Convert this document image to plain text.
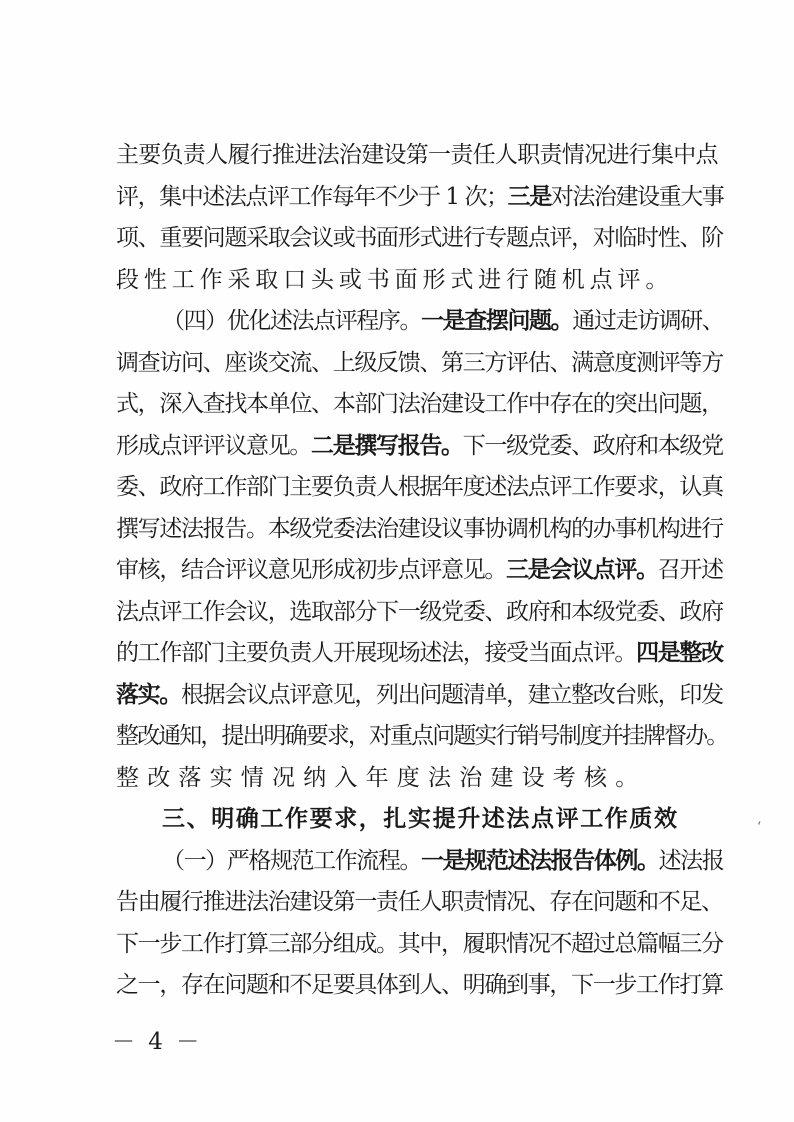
主要负责人履行推进法治建设第一责任人职责情况进行集中点
评，集中述法点评工作每年不少于 1 次；三是对法治建设重大事
项、重要问题采取会议或书面形式进行专题点评，对临时性、阶
段性工作采取口头或书面形式进行随机点评。
（四）优化述法点评程序。一是查摆问题。通过走访调研、
调查访问、座谈交流、上级反馈、第三方评估、满意度测评等方
式，深入查找本单位、本部门法治建设工作中存在的突出问题，
形成点评评议意见。二是撰写报告。下一级党委、政府和本级党
委、政府工作部门主要负责人根据年度述法点评工作要求，认真
撰写述法报告。本级党委法治建设议事协调机构的办事机构进行
审核，结合评议意见形成初步点评意见。三是会议点评。召开述
法点评工作会议，选取部分下一级党委、政府和本级党委、政府
的工作部门主要负责人开展现场述法，接受当面点评。四是整改
落实。根据会议点评意见，列出问题清单，建立整改台账，印发
整改通知，提出明确要求，对重点问题实行销号制度并挂牌督办。
整改落实情况纳入年度法治建设考核。
三、明确工作要求，扎实提升述法点评工作质效
（一）严格规范工作流程。一是规范述法报告体例。述法报
告由履行推进法治建设第一责任人职责情况、存在问题和不足、
下一步工作打算三部分组成。其中，履职情况不超过总篇幅三分
之一，存在问题和不足要具体到人、明确到事，下一步工作打算
ʻ
－ 4 －
